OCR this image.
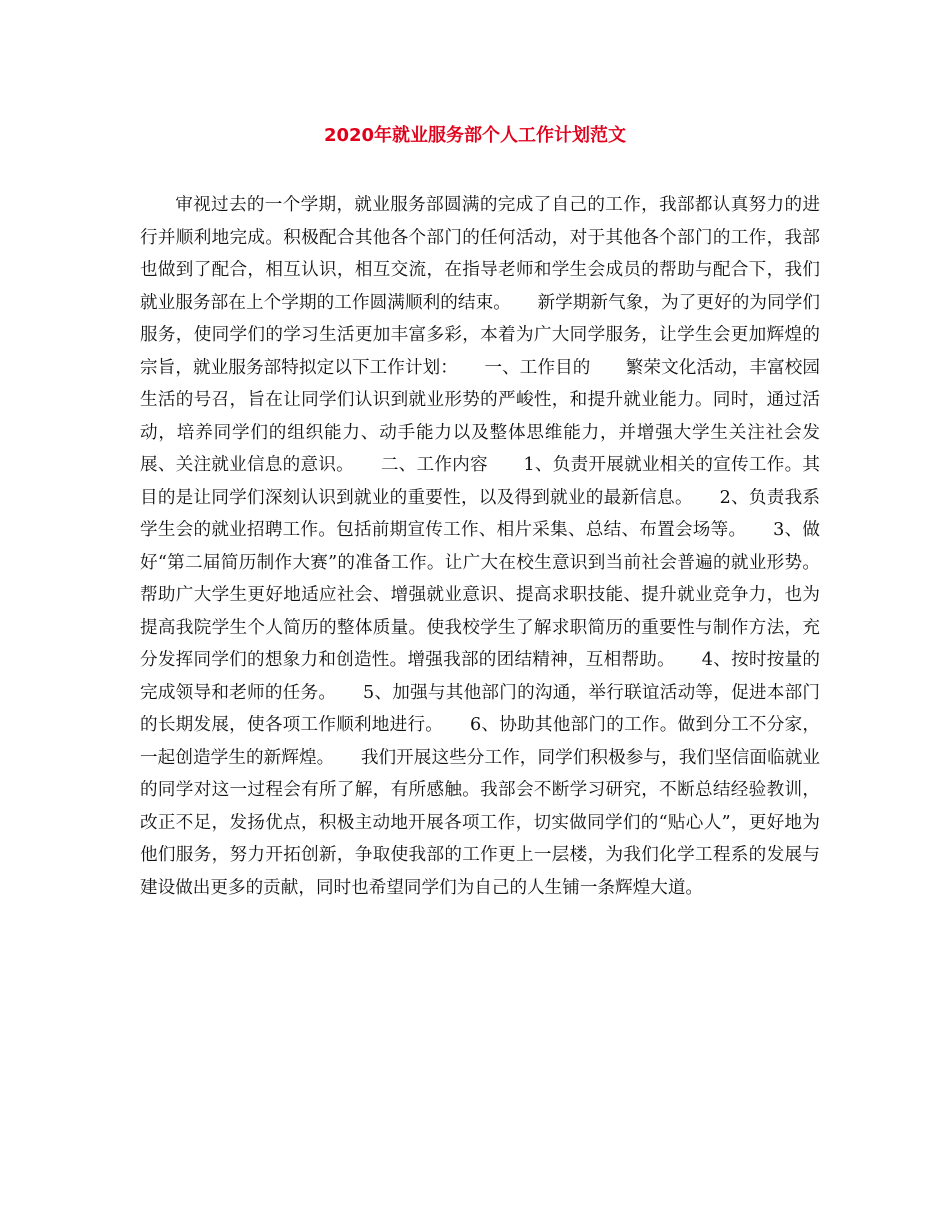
2020年就业服务部个人工作计划范文

审视过去的一个学期，就业服务部圆满的完成了自己的工作，我部都认真努力的进行并顺利地完成。积极配合其他各个部门的任何活动，对于其他各个部门的工作，我部也做到了配合，相互认识，相互交流，在指导老师和学生会成员的帮助与配合下，我们就业服务部在上个学期的工作圆满顺利的结束。　　新学期新气象，为了更好的为同学们服务，使同学们的学习生活更加丰富多彩，本着为广大同学服务，让学生会更加辉煌的宗旨，就业服务部特拟定以下工作计划：　　一、工作目的　　繁荣文化活动，丰富校园生活的号召，旨在让同学们认识到就业形势的严峻性，和提升就业能力。同时，通过活动，培养同学们的组织能力、动手能力以及整体思维能力，并增强大学生关注社会发展、关注就业信息的意识。　　二、工作内容　　1、负责开展就业相关的宣传工作。其目的是让同学们深刻认识到就业的重要性，以及得到就业的最新信息。　　2、负责我系学生会的就业招聘工作。包括前期宣传工作、相片采集、总结、布置会场等。　　3、做好“第二届简历制作大赛”的准备工作。让广大在校生意识到当前社会普遍的就业形势。帮助广大学生更好地适应社会、增强就业意识、提高求职技能、提升就业竞争力，也为提高我院学生个人简历的整体质量。使我校学生了解求职简历的重要性与制作方法，充分发挥同学们的想象力和创造性。增强我部的团结精神，互相帮助。　　4、按时按量的完成领导和老师的任务。　　5、加强与其他部门的沟通，举行联谊活动等，促进本部门的长期发展，使各项工作顺利地进行。　　6、协助其他部门的工作。做到分工不分家，一起创造学生的新辉煌。　　我们开展这些分工作，同学们积极参与，我们坚信面临就业的同学对这一过程会有所了解，有所感触。我部会不断学习研究，不断总结经验教训，改正不足，发扬优点，积极主动地开展各项工作，切实做同学们的“贴心人”，更好地为他们服务，努力开拓创新，争取使我部的工作更上一层楼，为我们化学工程系的发展与建设做出更多的贡献，同时也希望同学们为自己的人生铺一条辉煌大道。
